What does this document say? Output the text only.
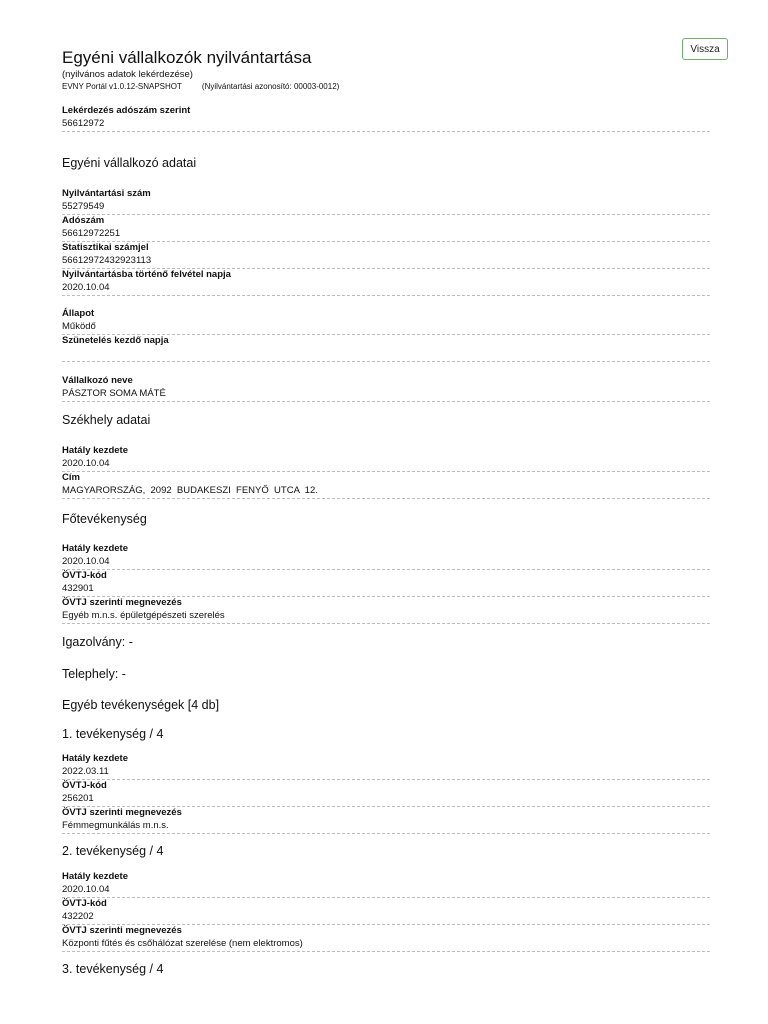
Vissza
Egyéni vállalkozók nyilvántartása
(nyilvános adatok lekérdezése)
EVNY Portál v1.0.12-SNAPSHOT	(Nyilvántartási azonosító: 00003-0012)
Lekérdezés adószám szerint
56612972
Egyéni vállalkozó adatai
Nyilvántartási szám
55279549
Adószám
56612972251
Statisztikai számjel
56612972432923113
Nyilvántartásba történő felvétel napja
2020.10.04
Állapot
Működő
Szünetelés kezdő napja
Vállalkozó neve
PÁSZTOR SOMA MÁTÉ
Székhely adatai
Hatály kezdete
2020.10.04
Cím
MAGYARORSZÁG,  2092  BUDAKESZI  FENYŐ  UTCA  12.
Főtevékenység
Hatály kezdete
2020.10.04
ÖVTJ-kód
432901
ÖVTJ szerinti megnevezés
Egyéb m.n.s. épületgépészeti szerelés
Igazolvány: -
Telephely: -
Egyéb tevékenységek [4 db]
1. tevékenység / 4
Hatály kezdete
2022.03.11
ÖVTJ-kód
256201
ÖVTJ szerinti megnevezés
Fémmegmunkálás m.n.s.
2. tevékenység / 4
Hatály kezdete
2020.10.04
ÖVTJ-kód
432202
ÖVTJ szerinti megnevezés
Központi fűtés és csőhálózat szerelése (nem elektromos)
3. tevékenység / 4
